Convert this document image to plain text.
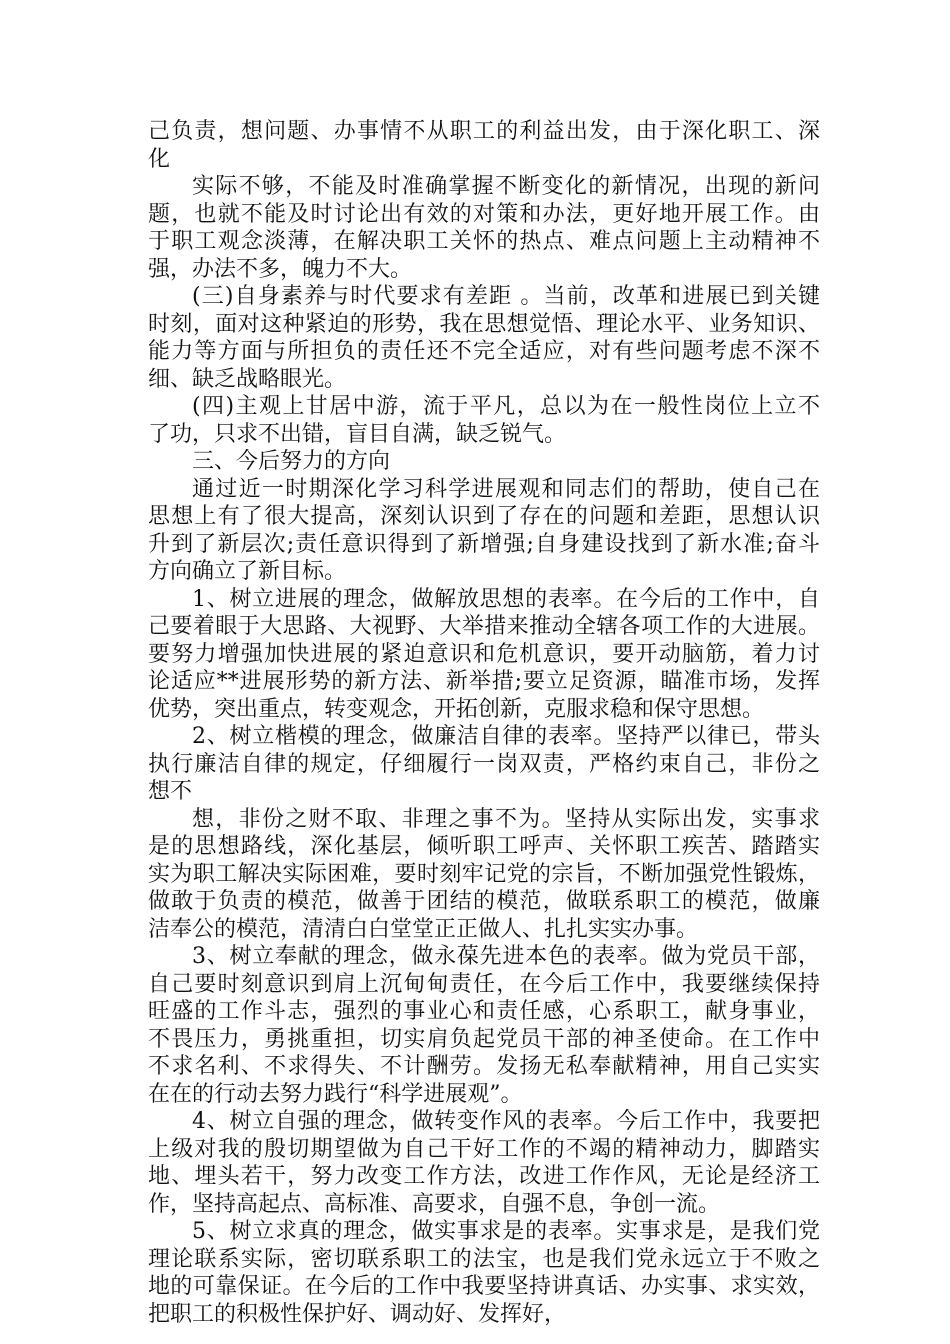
己负责，想问题、办事情不从职工的利益出发，由于深化职工、深
化
实际不够，不能及时准确掌握不断变化的新情况，出现的新问
题，也就不能及时讨论出有效的对策和办法，更好地开展工作。由
于职工观念淡薄，在解决职工关怀的热点、难点问题上主动精神不
强，办法不多，魄力不大。
(三)自身素养与时代要求有差距 。当前，改革和进展已到关键
时刻，面对这种紧迫的形势，我在思想觉悟、理论水平、业务知识、
能力等方面与所担负的责任还不完全适应，对有些问题考虑不深不
细、缺乏战略眼光。
(四)主观上甘居中游，流于平凡，总以为在一般性岗位上立不
了功，只求不出错，盲目自满，缺乏锐气。
三、今后努力的方向
通过近一时期深化学习科学进展观和同志们的帮助，使自己在
思想上有了很大提高，深刻认识到了存在的问题和差距，思想认识
升到了新层次;责任意识得到了新增强;自身建设找到了新水准;奋斗
方向确立了新目标。
1、树立进展的理念，做解放思想的表率。在今后的工作中，自
己要着眼于大思路、大视野、大举措来推动全辖各项工作的大进展。
要努力增强加快进展的紧迫意识和危机意识，要开动脑筋，着力讨
论适应**进展形势的新方法、新举措;要立足资源，瞄准市场，发挥
优势，突出重点，转变观念，开拓创新，克服求稳和保守思想。
2、树立楷模的理念，做廉洁自律的表率。坚持严以律已，带头
执行廉洁自律的规定，仔细履行一岗双责，严格约束自己，非份之
想不
想，非份之财不取、非理之事不为。坚持从实际出发，实事求
是的思想路线，深化基层，倾听职工呼声、关怀职工疾苦、踏踏实
实为职工解决实际困难，要时刻牢记党的宗旨，不断加强党性锻炼，
做敢于负责的模范，做善于团结的模范，做联系职工的模范，做廉
洁奉公的模范，清清白白堂堂正正做人、扎扎实实办事。
3、树立奉献的理念，做永葆先进本色的表率。做为党员干部，
自己要时刻意识到肩上沉甸甸责任，在今后工作中，我要继续保持
旺盛的工作斗志，强烈的事业心和责任感，心系职工，献身事业，
不畏压力，勇挑重担，切实肩负起党员干部的神圣使命。在工作中
不求名利、不求得失、不计酬劳。发扬无私奉献精神，用自己实实
在在的行动去努力践行“科学进展观”。
4、树立自强的理念，做转变作风的表率。今后工作中，我要把
上级对我的殷切期望做为自己干好工作的不竭的精神动力，脚踏实
地、埋头若干，努力改变工作方法，改进工作作风，无论是经济工
作，坚持高起点、高标准、高要求，自强不息，争创一流。
5、树立求真的理念，做实事求是的表率。实事求是，是我们党
理论联系实际，密切联系职工的法宝，也是我们党永远立于不败之
地的可靠保证。在今后的工作中我要坚持讲真话、办实事、求实效，
把职工的积极性保护好、调动好、发挥好，
